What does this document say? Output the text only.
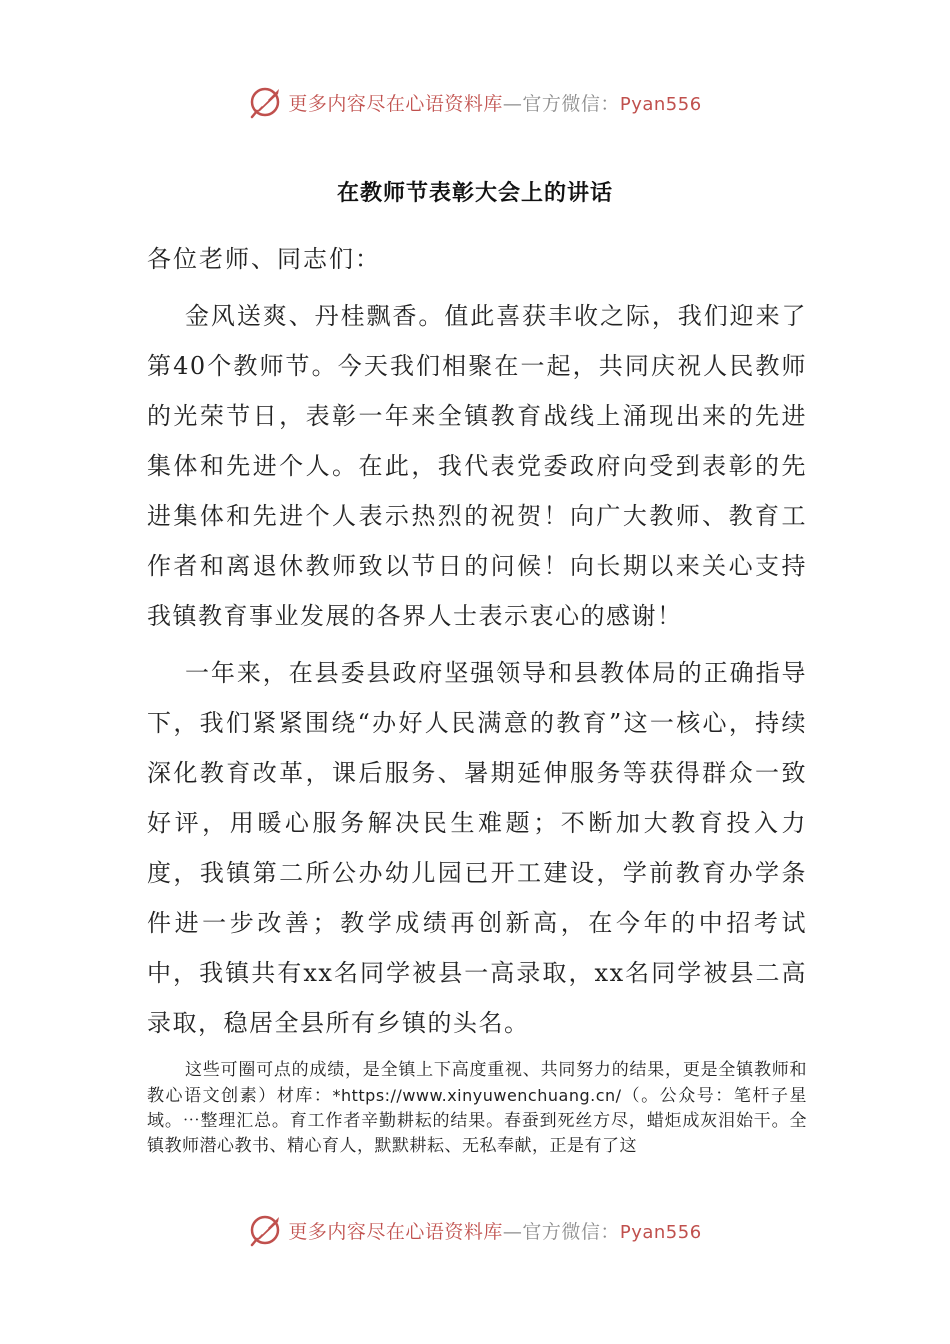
更多内容尽在心语资料库—官方微信：Pyan556
在教师节表彰大会上的讲话

各位老师、同志们：

金风送爽、丹桂飘香。值此喜获丰收之际，我们迎来了第40个教师节。今天我们相聚在一起，共同庆祝人民教师的光荣节日，表彰一年来全镇教育战线上涌现出来的先进集体和先进个人。在此，我代表党委政府向受到表彰的先进集体和先进个人表示热烈的祝贺！向广大教师、教育工作者和离退休教师致以节日的问候！向长期以来关心支持我镇教育事业发展的各界人士表示衷心的感谢！

一年来，在县委县政府坚强领导和县教体局的正确指导下，我们紧紧围绕“办好人民满意的教育”这一核心，持续深化教育改革，课后服务、暑期延伸服务等获得群众一致好评，用暖心服务解决民生难题；不断加大教育投入力度，我镇第二所公办幼儿园已开工建设，学前教育办学条件进一步改善；教学成绩再创新高，在今年的中招考试中，我镇共有xx名同学被县一高录取，xx名同学被县二高录取，稳居全县所有乡镇的头名。

这些可圈可点的成绩，是全镇上下高度重视、共同努力的结果，更是全镇教师和教心语文创素）材库：*https://www.xinyuwenchuang.cn/（。公众号：笔杆子星域。⋯整理汇总。育工作者辛勤耕耘的结果。春蚕到死丝方尽，蜡炬成灰泪始干。全镇教师潜心教书、精心育人，默默耕耘、无私奉献，正是有了这

更多内容尽在心语资料库—官方微信：Pyan556
